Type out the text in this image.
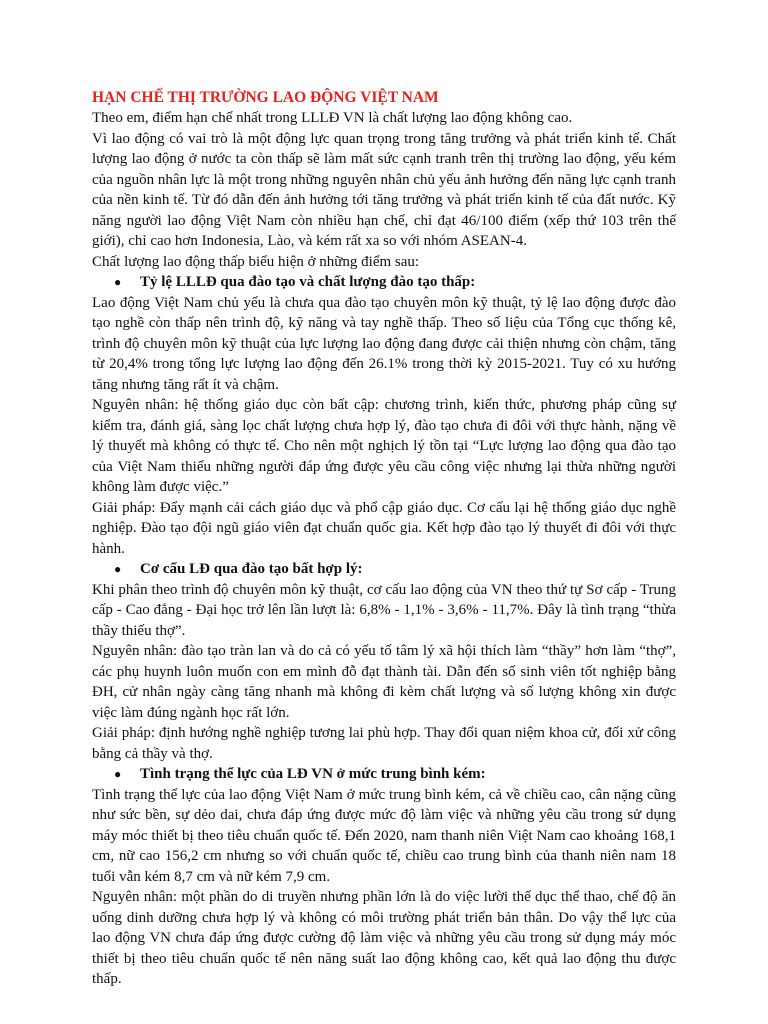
HẠN CHẾ THỊ TRƯỜNG LAO ĐỘNG VIỆT NAM

Theo em, điểm hạn chế nhất trong LLLĐ VN là chất lượng lao động không cao.

Vì lao động có vai trò là một động lực quan trọng trong tăng trưởng và phát triển kinh tế. Chất lượng lao động ở nước ta còn thấp sẽ làm mất sức cạnh tranh trên thị trường lao động, yếu kém của nguồn nhân lực là một trong những nguyên nhân chủ yếu ảnh hưởng đến năng lực cạnh tranh của nền kinh tế. Từ đó dẫn đến ảnh hưởng tới tăng trưởng và phát triển kinh tế của đất nước. Kỹ năng người lao động Việt Nam còn nhiều hạn chế, chỉ đạt 46/100 điểm (xếp thứ 103 trên thế giới), chỉ cao hơn Indonesia, Lào, và kém rất xa so với nhóm ASEAN-4.

Chất lượng lao động thấp biểu hiện ở những điểm sau:

●	Tỷ lệ LLLĐ qua đào tạo và chất lượng đào tạo thấp:

Lao động Việt Nam chủ yếu là chưa qua đào tạo chuyên môn kỹ thuật, tỷ lệ lao động được đào tạo nghề còn thấp nên trình độ, kỹ năng và tay nghề thấp. Theo số liệu của Tổng cục thống kê, trình độ chuyên môn kỹ thuật của lực lượng lao động đang được cải thiện nhưng còn chậm, tăng từ 20,4% trong tổng lực lượng lao động đến 26.1% trong thời kỳ 2015-2021. Tuy có xu hướng tăng nhưng tăng rất ít và chậm.

Nguyên nhân: hệ thống giáo dục còn bất cập: chương trình, kiến thức, phương pháp cũng sự kiểm tra, đánh giá, sàng lọc chất lượng chưa hợp lý, đào tạo chưa đi đôi với thực hành, nặng về lý thuyết mà không có thực tế. Cho nên một nghịch lý tồn tại “Lực lượng lao động qua đào tạo của Việt Nam thiếu những người đáp ứng được yêu cầu công việc nhưng lại thừa những người không làm được việc.”

Giải pháp: Đẩy mạnh cải cách giáo dục và phổ cập giáo dục. Cơ cấu lại hệ thống giáo dục nghề nghiệp. Đào tạo đội ngũ giáo viên đạt chuẩn quốc gia. Kết hợp đào tạo lý thuyết đi đôi với thực hành.

●	Cơ cấu LĐ qua đào tạo bất hợp lý:

Khi phân theo trình độ chuyên môn kỹ thuật, cơ cấu lao động của VN theo thứ tự Sơ cấp - Trung cấp - Cao đẳng - Đại học trở lên lần lượt là: 6,8% - 1,1% - 3,6% - 11,7%. Đây là tình trạng “thừa thầy thiếu thợ”.

Nguyên nhân: đào tạo tràn lan và do cả có yếu tố tâm lý xã hội thích làm “thầy” hơn làm “thợ”, các phụ huynh luôn muốn con em mình đỗ đạt thành tài. Dẫn đến số sinh viên tốt nghiệp bằng ĐH, cử nhân ngày càng tăng nhanh mà không đi kèm chất lượng và số lượng không xin được việc làm đúng ngành học rất lớn.

Giải pháp: định hướng nghề nghiệp tương lai phù hợp. Thay đổi quan niệm khoa cử, đối xử công bằng cả thầy và thợ.

●	Tình trạng thể lực của LĐ VN ở mức trung bình kém:

Tình trạng thể lực của lao động Việt Nam ở mức trung bình kém, cả về chiều cao, cân nặng cũng như sức bền, sự dẻo dai, chưa đáp ứng được mức độ làm việc và những yêu cầu trong sử dụng máy móc thiết bị theo tiêu chuẩn quốc tế. Đến 2020, nam thanh niên Việt Nam cao khoảng 168,1 cm, nữ cao 156,2 cm nhưng so với chuẩn quốc tế, chiều cao trung bình của thanh niên nam 18 tuổi vẫn kém 8,7 cm và nữ kém 7,9 cm.

Nguyên nhân: một phần do di truyền nhưng phần lớn là do việc lười thể dục thể thao, chế độ ăn uống dinh dưỡng chưa hợp lý và không có môi trường phát triển bản thân. Do vậy thể lực của lao động VN chưa đáp ứng được cường độ làm việc và những yêu cầu trong sử dụng máy móc thiết bị theo tiêu chuẩn quốc tế nên năng suất lao động không cao, kết quả lao động thu được thấp.
